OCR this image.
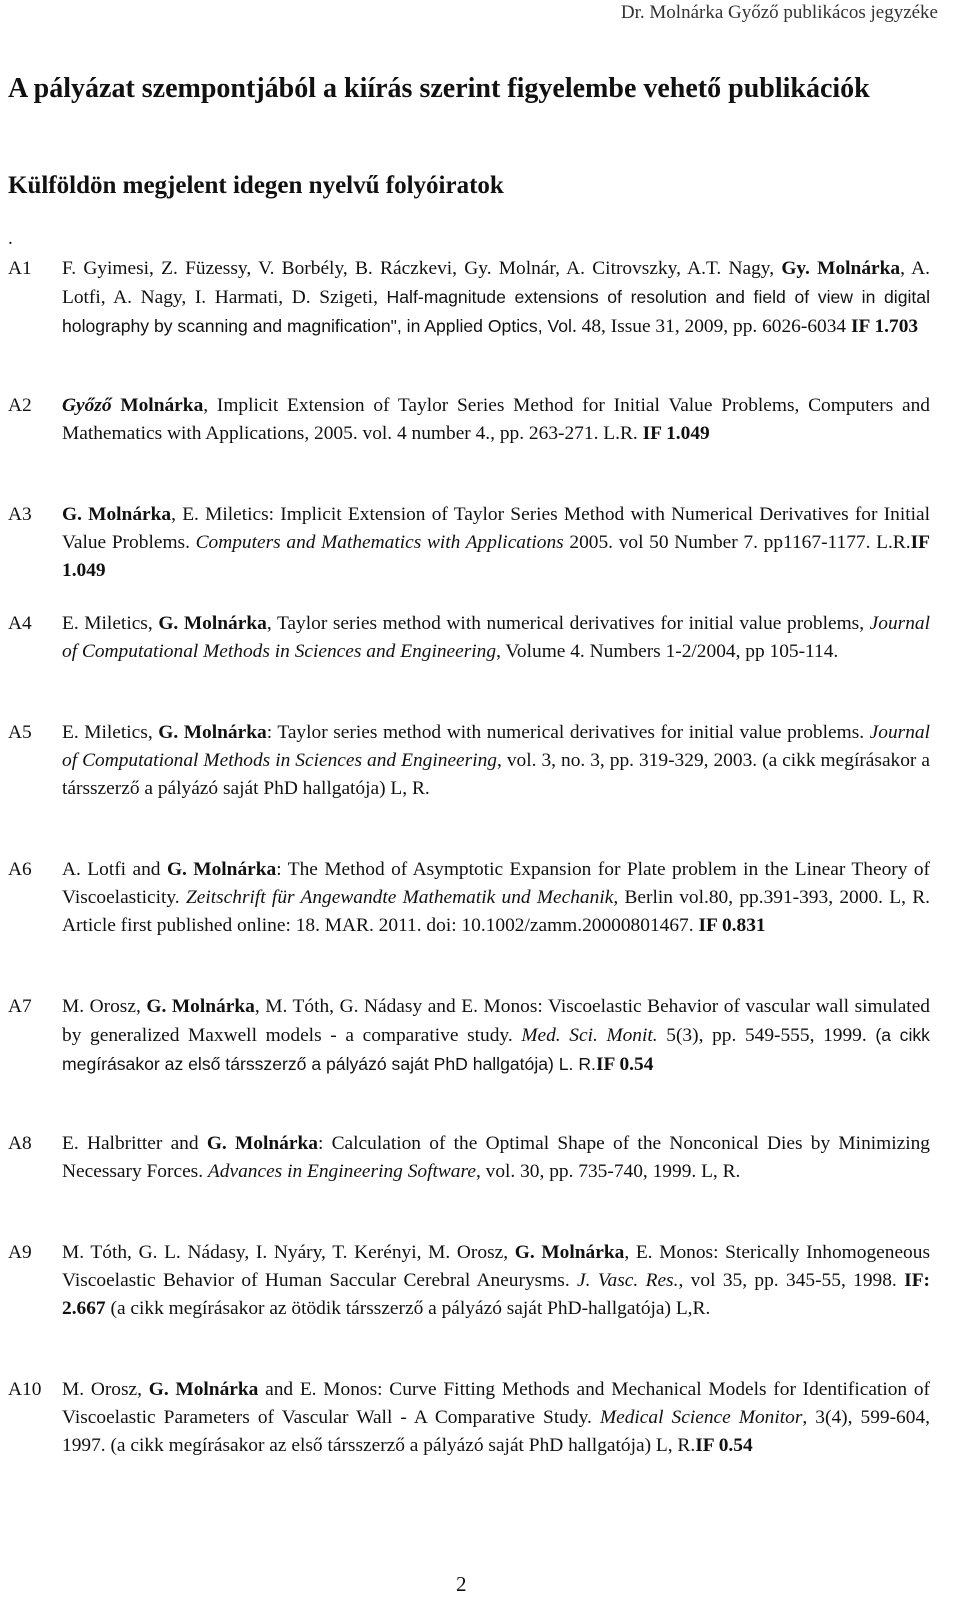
Dr. Molnárka Győző publikácos jegyzéke
A pályázat szempontjából a kiírás szerint figyelembe vehető publikációk
Külföldön megjelent idegen nyelvű folyóiratok
.
A1 F. Gyimesi, Z. Füzessy, V. Borbély, B. Ráczkevi, Gy. Molnár, A. Citrovszky, A.T. Nagy, Gy. Molnárka, A. Lotfi, A. Nagy, I. Harmati, D. Szigeti, Half-magnitude extensions of resolution and field of view in digital holography by scanning and magnification", in Applied Optics, Vol. 48, Issue 31, 2009, pp. 6026-6034 IF 1.703
A2 Győző Molnárka, Implicit Extension of Taylor Series Method for Initial Value Problems, Computers and Mathematics with Applications, 2005. vol. 4 number 4., pp. 263-271. L.R. IF 1.049
A3 G. Molnárka, E. Miletics: Implicit Extension of Taylor Series Method with Numerical Derivatives for Initial Value Problems. Computers and Mathematics with Applications 2005. vol 50 Number 7. pp1167-1177. L.R.IF 1.049
A4 E. Miletics, G. Molnárka, Taylor series method with numerical derivatives for initial value problems, Journal of Computational Methods in Sciences and Engineering, Volume 4. Numbers 1-2/2004, pp 105-114.
A5 E. Miletics, G. Molnárka: Taylor series method with numerical derivatives for initial value problems. Journal of Computational Methods in Sciences and Engineering, vol. 3, no. 3, pp. 319-329, 2003. (a cikk megírásakor a társszerző a pályázó saját PhD hallgatója) L, R.
A6 A. Lotfi and G. Molnárka: The Method of Asymptotic Expansion for Plate problem in the Linear Theory of Viscoelasticity. Zeitschrift für Angewandte Mathematik und Mechanik, Berlin vol.80, pp.391-393, 2000. L, R. Article first published online: 18. MAR. 2011. doi: 10.1002/zamm.20000801467. IF 0.831
A7 M. Orosz, G. Molnárka, M. Tóth, G. Nádasy and E. Monos: Viscoelastic Behavior of vascular wall simulated by generalized Maxwell models - a comparative study. Med. Sci. Monit. 5(3), pp. 549-555, 1999. (a cikk megírásakor az első társszerző a pályázó saját PhD hallgatója) L. R.IF 0.54
A8 E. Halbritter and G. Molnárka: Calculation of the Optimal Shape of the Nonconical Dies by Minimizing Necessary Forces. Advances in Engineering Software, vol. 30, pp. 735-740, 1999. L, R.
A9 M. Tóth, G. L. Nádasy, I. Nyáry, T. Kerényi, M. Orosz, G. Molnárka, E. Monos: Sterically Inhomogeneous Viscoelastic Behavior of Human Saccular Cerebral Aneurysms. J. Vasc. Res., vol 35, pp. 345-55, 1998. IF: 2.667 (a cikk megírásakor az ötödik társszerző a pályázó saját PhD-hallgatója) L,R.
A10 M. Orosz, G. Molnárka and E. Monos: Curve Fitting Methods and Mechanical Models for Identification of Viscoelastic Parameters of Vascular Wall - A Comparative Study. Medical Science Monitor, 3(4), 599-604, 1997. (a cikk megírásakor az első társszerző a pályázó saját PhD hallgatója) L, R.IF 0.54
2
